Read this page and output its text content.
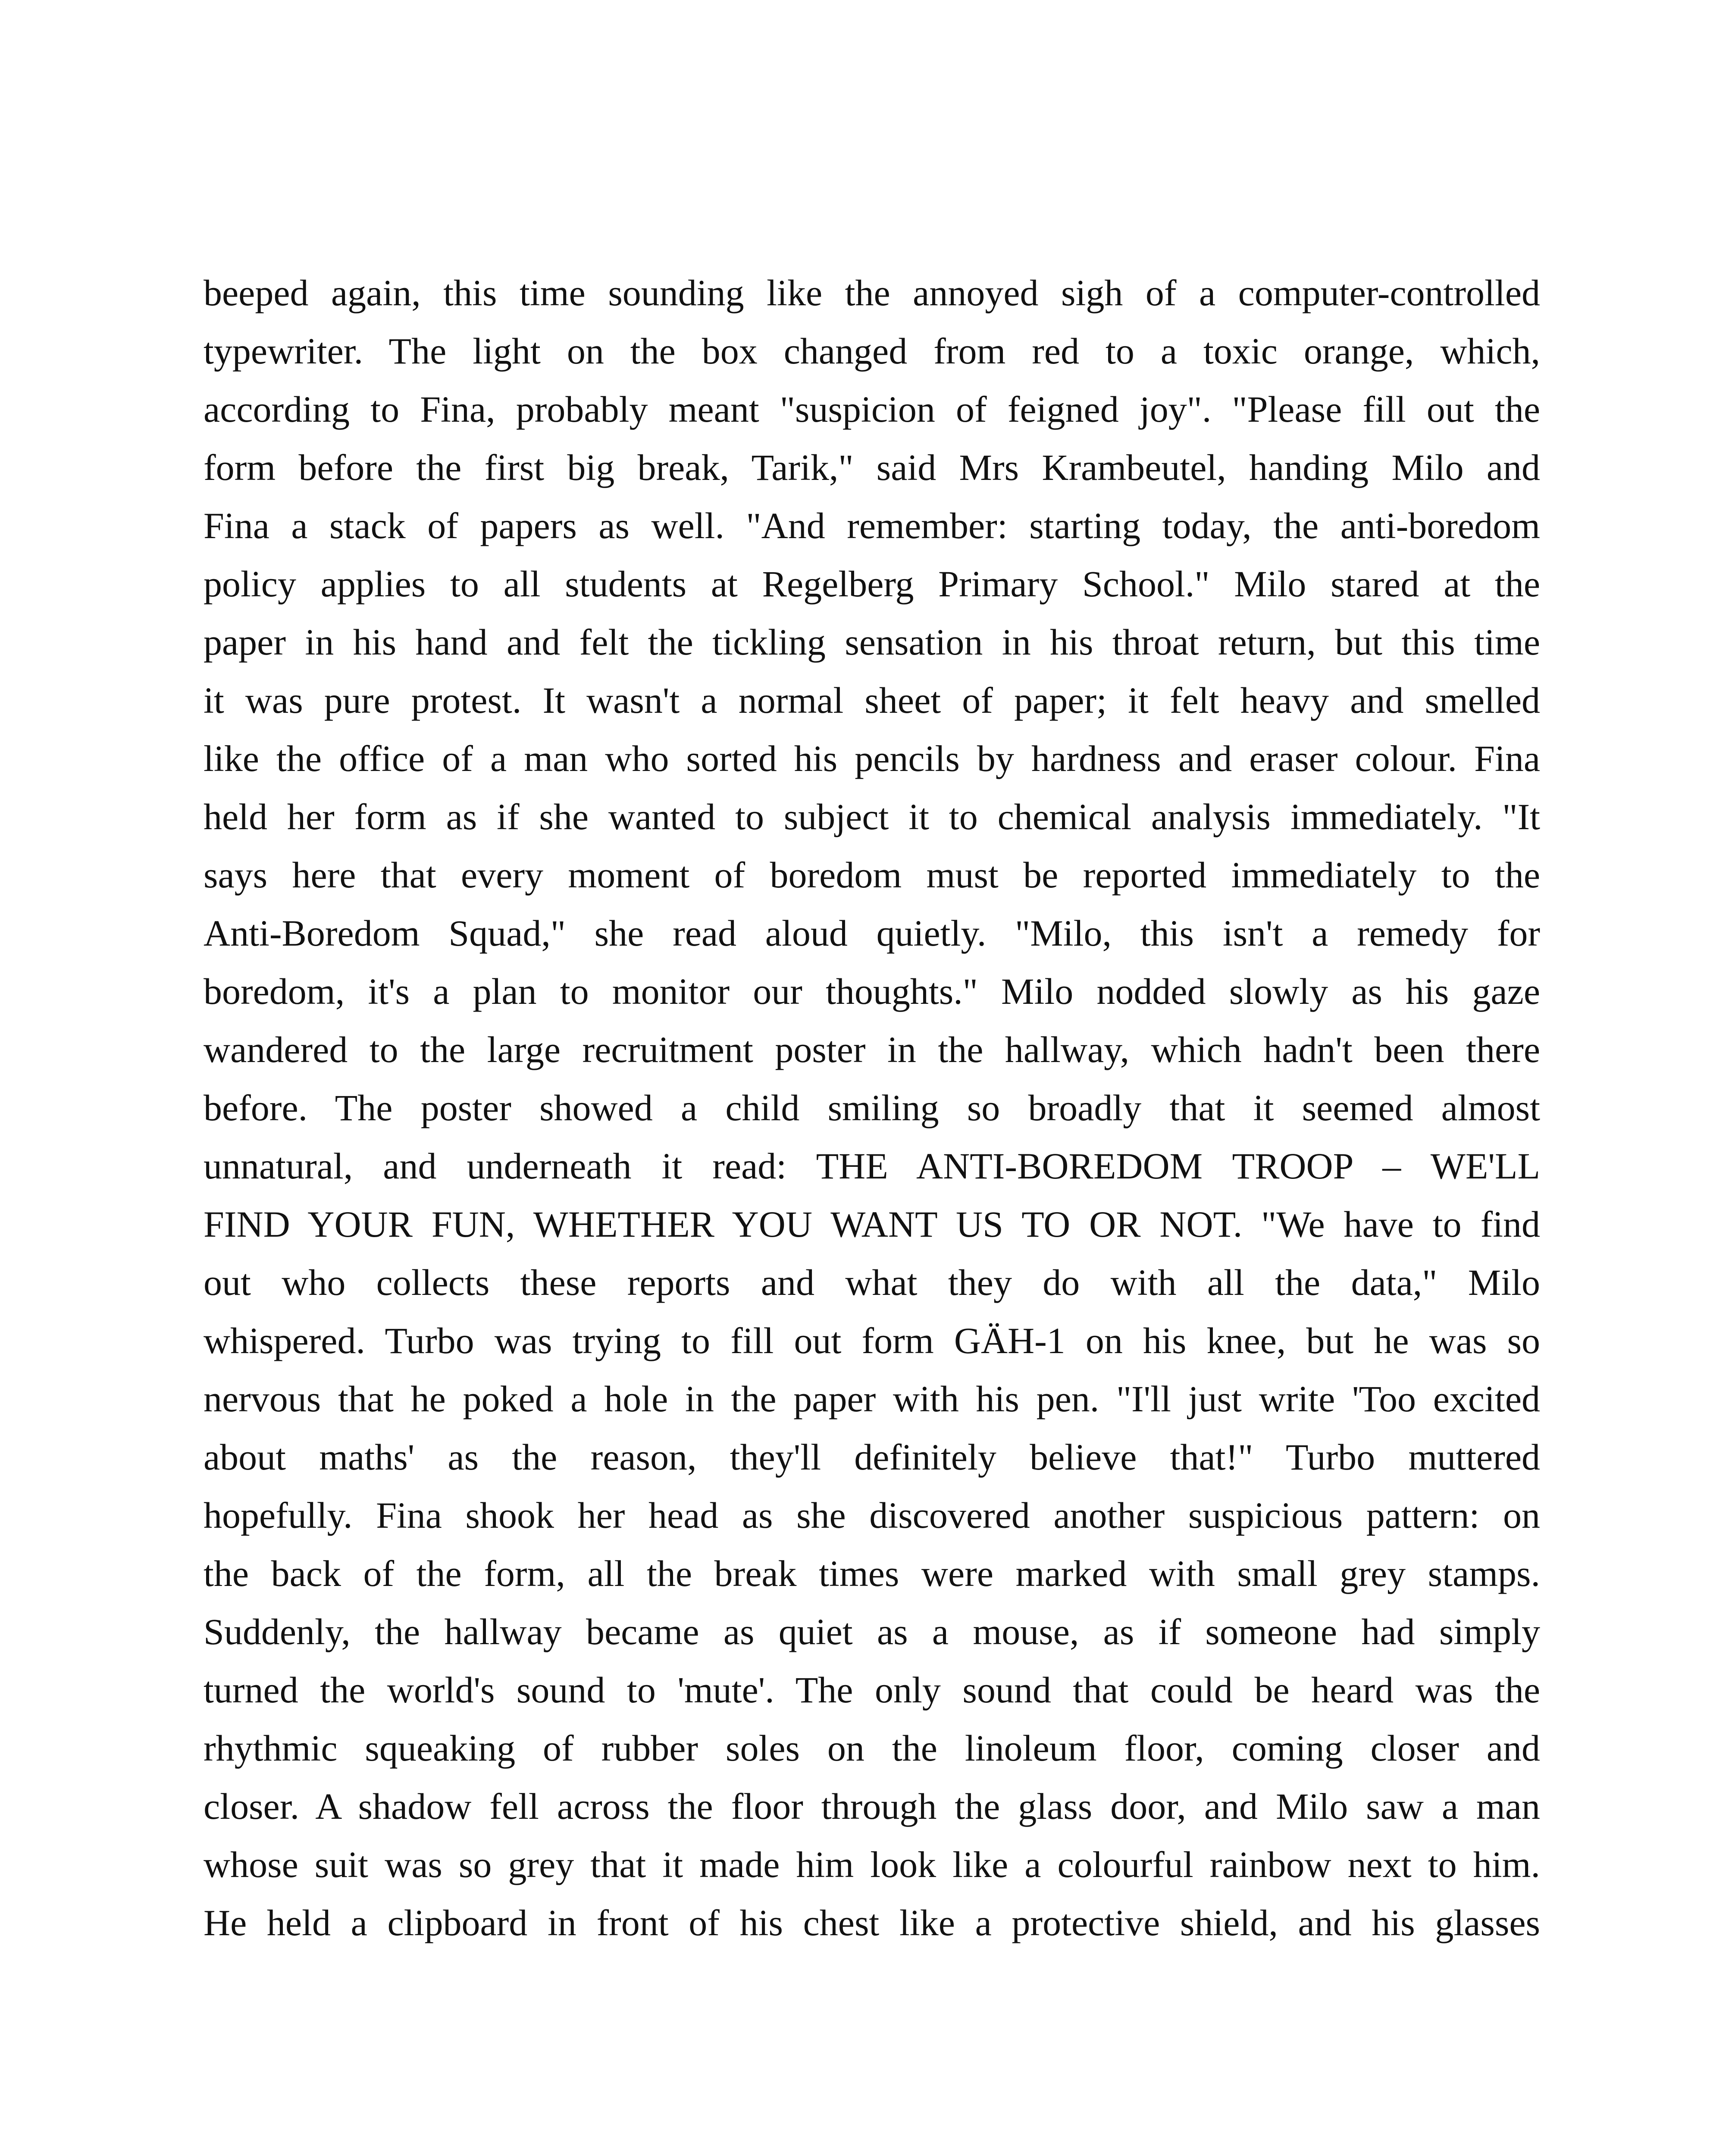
beeped again, this time sounding like the annoyed sigh of a computer-controlled
typewriter. The light on the box changed from red to a toxic orange, which,
according to Fina, probably meant "suspicion of feigned joy". "Please fill out the
form before the first big break, Tarik," said Mrs Krambeutel, handing Milo and
Fina a stack of papers as well. "And remember: starting today, the anti-boredom
policy applies to all students at Regelberg Primary School." Milo stared at the
paper in his hand and felt the tickling sensation in his throat return, but this time
it was pure protest. It wasn't a normal sheet of paper; it felt heavy and smelled
like the office of a man who sorted his pencils by hardness and eraser colour. Fina
held her form as if she wanted to subject it to chemical analysis immediately. "It
says here that every moment of boredom must be reported immediately to the
Anti-Boredom Squad," she read aloud quietly. "Milo, this isn't a remedy for
boredom, it's a plan to monitor our thoughts." Milo nodded slowly as his gaze
wandered to the large recruitment poster in the hallway, which hadn't been there
before. The poster showed a child smiling so broadly that it seemed almost
unnatural, and underneath it read: THE ANTI-BOREDOM TROOP – WE'LL
FIND YOUR FUN, WHETHER YOU WANT US TO OR NOT. "We have to find
out who collects these reports and what they do with all the data," Milo
whispered. Turbo was trying to fill out form GÄH-1 on his knee, but he was so
nervous that he poked a hole in the paper with his pen. "I'll just write 'Too excited
about maths' as the reason, they'll definitely believe that!" Turbo muttered
hopefully. Fina shook her head as she discovered another suspicious pattern: on
the back of the form, all the break times were marked with small grey stamps.
Suddenly, the hallway became as quiet as a mouse, as if someone had simply
turned the world's sound to 'mute'. The only sound that could be heard was the
rhythmic squeaking of rubber soles on the linoleum floor, coming closer and
closer. A shadow fell across the floor through the glass door, and Milo saw a man
whose suit was so grey that it made him look like a colourful rainbow next to him.
He held a clipboard in front of his chest like a protective shield, and his glasses
